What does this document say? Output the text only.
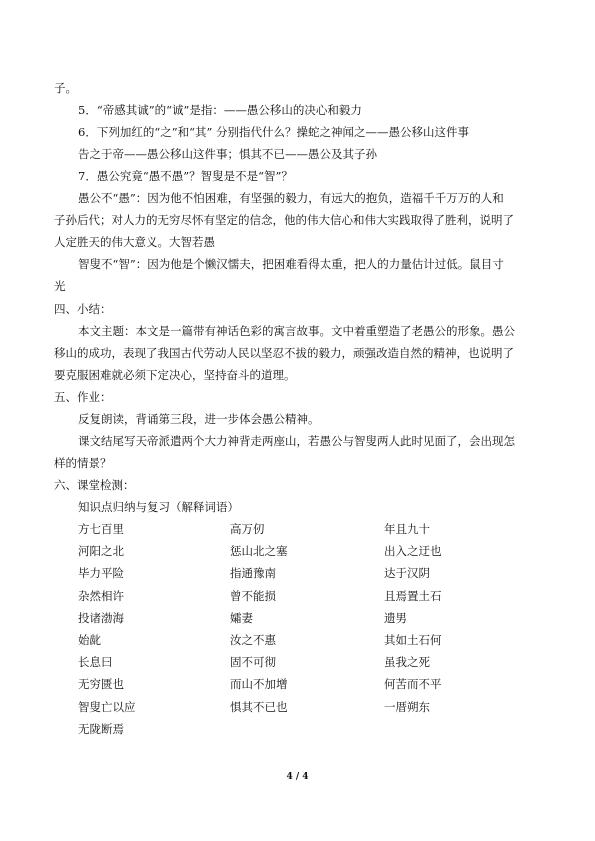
子。
5．“帝感其诚”的“诚”是指：——愚公移山的决心和毅力
6．下列加红的“之”和“其” 分别指代什么？操蛇之神闻之——愚公移山这件事
告之于帝——愚公移山这件事；惧其不已——愚公及其子孙
7．愚公究竟“愚不愚”？智叟是不是“智”？
愚公不“愚”：因为他不怕困难，有坚强的毅力，有远大的抱负，造福千千万万的人和
子孙后代；对人力的无穷尽怀有坚定的信念，他的伟大信心和伟大实践取得了胜利，说明了
人定胜天的伟大意义。大智若愚
智叟不“智”：因为他是个懒汉懦夫，把困难看得太重，把人的力量估计过低。鼠目寸
光
四、小结：
本文主题：本文是一篇带有神话色彩的寓言故事。文中着重塑造了老愚公的形象。愚公
移山的成功，表现了我国古代劳动人民以坚忍不拔的毅力，顽强改造自然的精神，也说明了
要克服困难就必须下定决心，坚持奋斗的道理。
五、作业：
反复朗读，背诵第三段，进一步体会愚公精神。
课文结尾写天帝派遣两个大力神背走两座山，若愚公与智叟两人此时见面了，会出现怎
样的情景？
六、课堂检测：
知识点归纳与复习（解释词语）
方七百里	高万仞	年且九十
河阳之北	惩山北之塞	出入之迂也
毕力平险	指通豫南	达于汉阴
杂然相许	曾不能损	且焉置土石
投诸渤海	孀妻	遗男
始龀	汝之不惠	其如土石何
长息曰	固不可彻	虽我之死
无穷匮也	而山不加增	何苦而不平
智叟亡以应	惧其不已也	一厝朔东
无陇断焉
4 / 4
